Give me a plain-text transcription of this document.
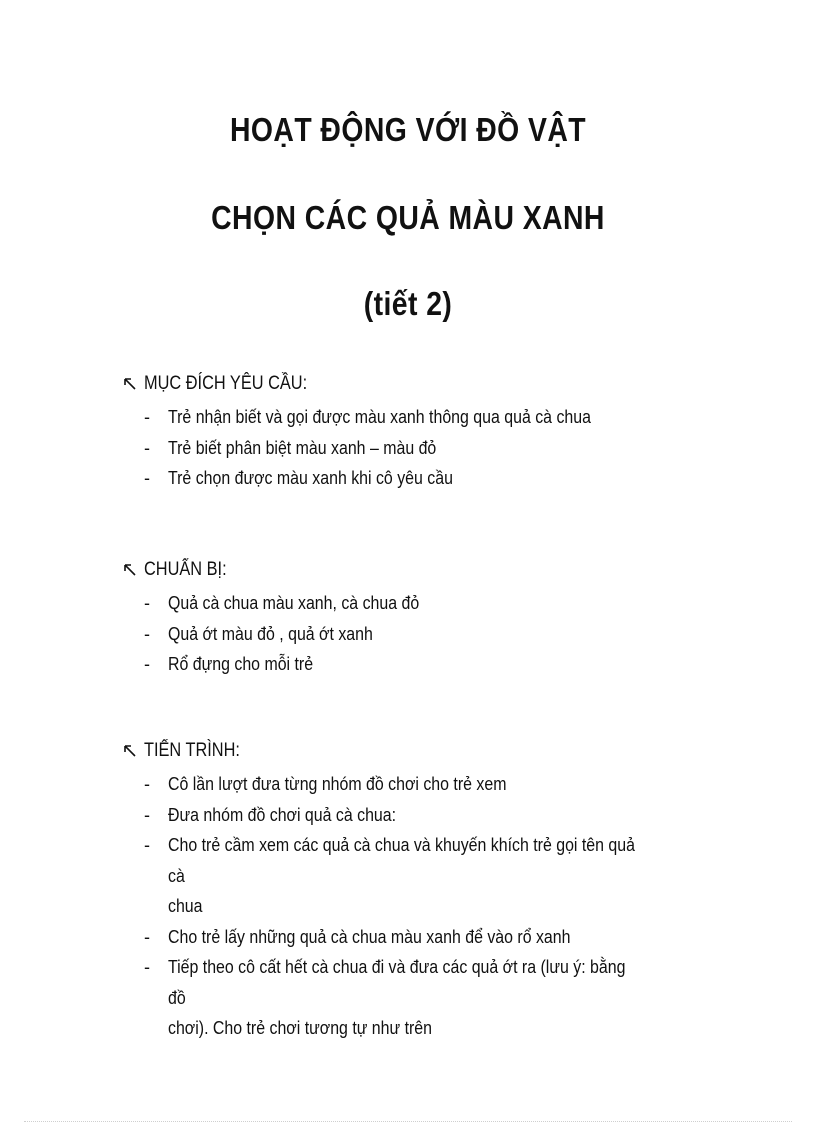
HOẠT ĐỘNG VỚI ĐỒ VẬT
CHỌN CÁC QUẢ MÀU XANH
(tiết 2)
MỤC ĐÍCH YÊU CẦU:
- Trẻ nhận biết và gọi được màu xanh thông qua quả cà chua
- Trẻ biết phân biệt màu xanh – màu đỏ
- Trẻ chọn được màu xanh khi cô yêu cầu
CHUẨN BỊ:
- Quả cà chua màu xanh, cà chua đỏ
- Quả ớt màu đỏ , quả ớt xanh
- Rổ đựng cho mỗi trẻ
TIẾN TRÌNH:
- Cô lần lượt đưa từng nhóm đồ chơi cho trẻ xem
- Đưa nhóm đồ chơi quả cà chua:
- Cho trẻ cầm xem các quả cà chua và khuyến khích trẻ gọi tên quả cà
chua
- Cho trẻ lấy những quả cà chua màu xanh để vào rổ xanh
- Tiếp theo cô cất hết cà chua đi và đưa các quả ớt ra (lưu ý: bằng đồ
chơi). Cho trẻ chơi tương tự như trên
